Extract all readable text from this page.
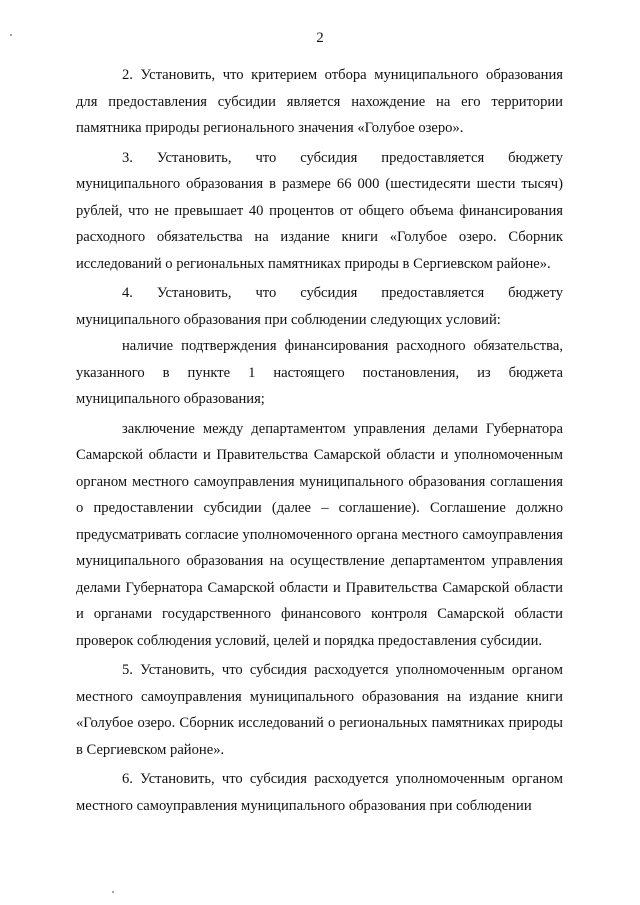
2

2. Установить, что критерием отбора муниципального образования для предоставления субсидии является нахождение на его территории памятника природы регионального значения «Голубое озеро».

3. Установить, что субсидия предоставляется бюджету муниципального образования в размере 66 000 (шестидесяти шести тысяч) рублей, что не превышает 40 процентов от общего объема финансирования расходного обязательства на издание книги «Голубое озеро. Сборник исследований о региональных памятниках природы в Сергиевском районе».

4. Установить, что субсидия предоставляется бюджету муниципального образования при соблюдении следующих условий:

наличие подтверждения финансирования расходного обязательства, указанного в пункте 1 настоящего постановления, из бюджета муниципального образования;

заключение между департаментом управления делами Губернатора Самарской области и Правительства Самарской области и уполномоченным органом местного самоуправления муниципального образования соглашения о предоставлении субсидии (далее – соглашение). Соглашение должно предусматривать согласие уполномоченного органа местного самоуправления муниципального образования на осуществление департаментом управления делами Губернатора Самарской области и Правительства Самарской области и органами государственного финансового контроля Самарской области проверок соблюдения условий, целей и порядка предоставления субсидии.

5. Установить, что субсидия расходуется уполномоченным органом местного самоуправления муниципального образования на издание книги «Голубое озеро. Сборник исследований о региональных памятниках природы в Сергиевском районе».

6. Установить, что субсидия расходуется уполномоченным органом местного самоуправления муниципального образования при соблюдении
